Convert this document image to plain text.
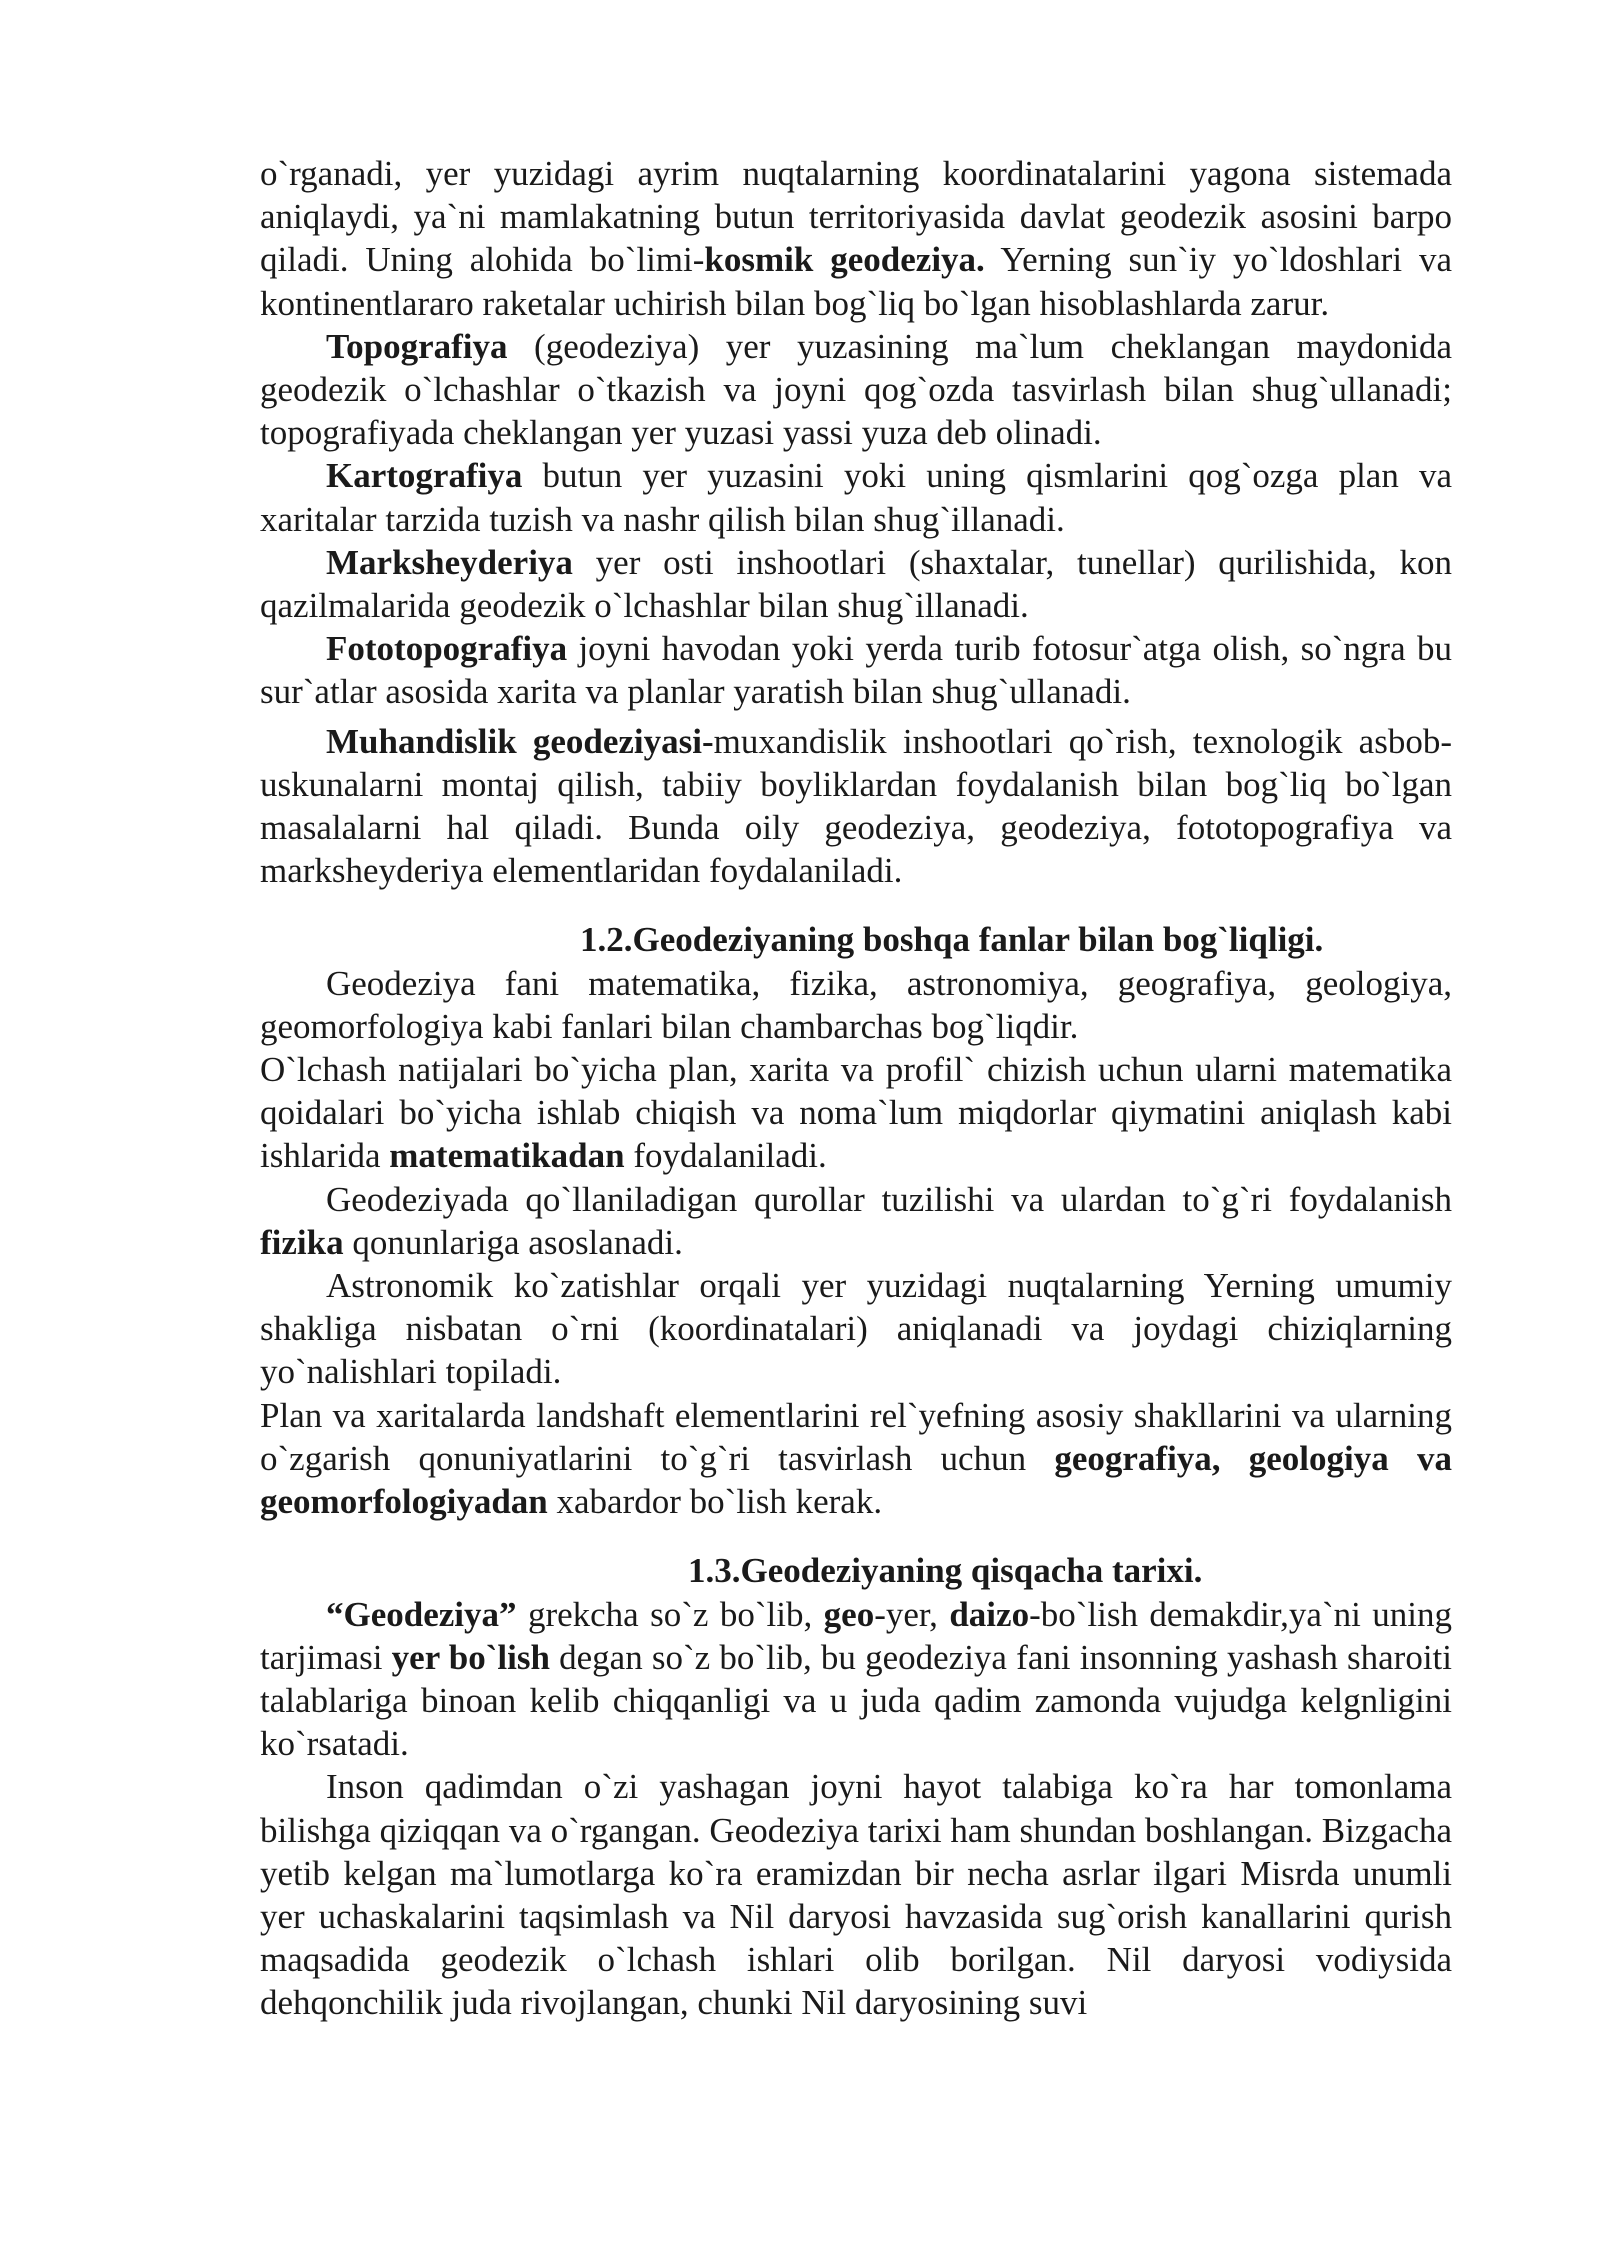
o`rganadi, yer yuzidagi ayrim nuqtalarning koordinatalarini yagona sistemada aniqlaydi, ya`ni mamlakatning butun territoriyasida davlat geodezik asosini barpo qiladi. Uning alohida bo`limi-kosmik geodeziya. Yerning sun`iy yo`ldoshlari va kontinentlararo raketalar uchirish bilan bog`liq bo`lgan hisoblashlarda zarur.

Topografiya (geodeziya) yer yuzasining ma`lum cheklangan maydonida geodezik o`lchashlar o`tkazish va joyni qog`ozda tasvirlash bilan shug`ullanadi; topografiyada cheklangan yer yuzasi yassi yuza deb olinadi.

Kartografiya butun yer yuzasini yoki uning qismlarini qog`ozga plan va xaritalar tarzida tuzish va nashr qilish bilan shug`illanadi.

Marksheyderiya yer osti inshootlari (shaxtalar, tunellar) qurilishida, kon qazilmalarida geodezik o`lchashlar bilan shug`illanadi.

Fototopografiya joyni havodan yoki yerda turib fotosur`atga olish, so`ngra bu sur`atlar asosida xarita va planlar yaratish bilan shug`ullanadi.

Muhandislik geodeziyasi-muxandislik inshootlari qo`rish, texnologik asbob-uskunalarni montaj qilish, tabiiy boyliklardan foydalanish bilan bog`liq bo`lgan masalalarni hal qiladi. Bunda oily geodeziya, geodeziya, fototopografiya va marksheyderiya elementlaridan foydalaniladi.

1.2.Geodeziyaning boshqa fanlar bilan bog`liqligi.

Geodeziya fani matematika, fizika, astronomiya, geografiya, geologiya, geomorfologiya kabi fanlari bilan chambarchas bog`liqdir.

O`lchash natijalari bo`yicha plan, xarita va profil` chizish uchun ularni matematika qoidalari bo`yicha ishlab chiqish va noma`lum miqdorlar qiymatini aniqlash kabi ishlarida matematikadan foydalaniladi.

Geodeziyada qo`llaniladigan qurollar tuzilishi va ulardan to`g`ri foydalanish fizika qonunlariga asoslanadi.

Astronomik ko`zatishlar orqali yer yuzidagi nuqtalarning Yerning umumiy shakliga nisbatan o`rni (koordinatalari) aniqlanadi va joydagi chiziqlarning yo`nalishlari topiladi.

Plan va xaritalarda landshaft elementlarini rel`yefning asosiy shakllarini va ularning o`zgarish qonuniyatlarini to`g`ri tasvirlash uchun geografiya, geologiya va geomorfologiyadan xabardor bo`lish kerak.

1.3.Geodeziyaning qisqacha tarixi.

“Geodeziya” grekcha so`z bo`lib, geo-yer, daizo-bo`lish demakdir,ya`ni uning tarjimasi yer bo`lish degan so`z bo`lib, bu geodeziya fani insonning yashash sharoiti talablariga binoan kelib chiqqanligi va u juda qadim zamonda vujudga kelgnligini ko`rsatadi.

Inson qadimdan o`zi yashagan joyni hayot talabiga ko`ra har tomonlama bilishga qiziqqan va o`rgangan. Geodeziya tarixi ham shundan boshlangan. Bizgacha yetib kelgan ma`lumotlarga ko`ra eramizdan bir necha asrlar ilgari Misrda unumli yer uchaskalarini taqsimlash va Nil daryosi havzasida sug`orish kanallarini qurish maqsadida geodezik o`lchash ishlari olib borilgan. Nil daryosi vodiysida dehqonchilik juda rivojlangan, chunki Nil daryosining suvi
